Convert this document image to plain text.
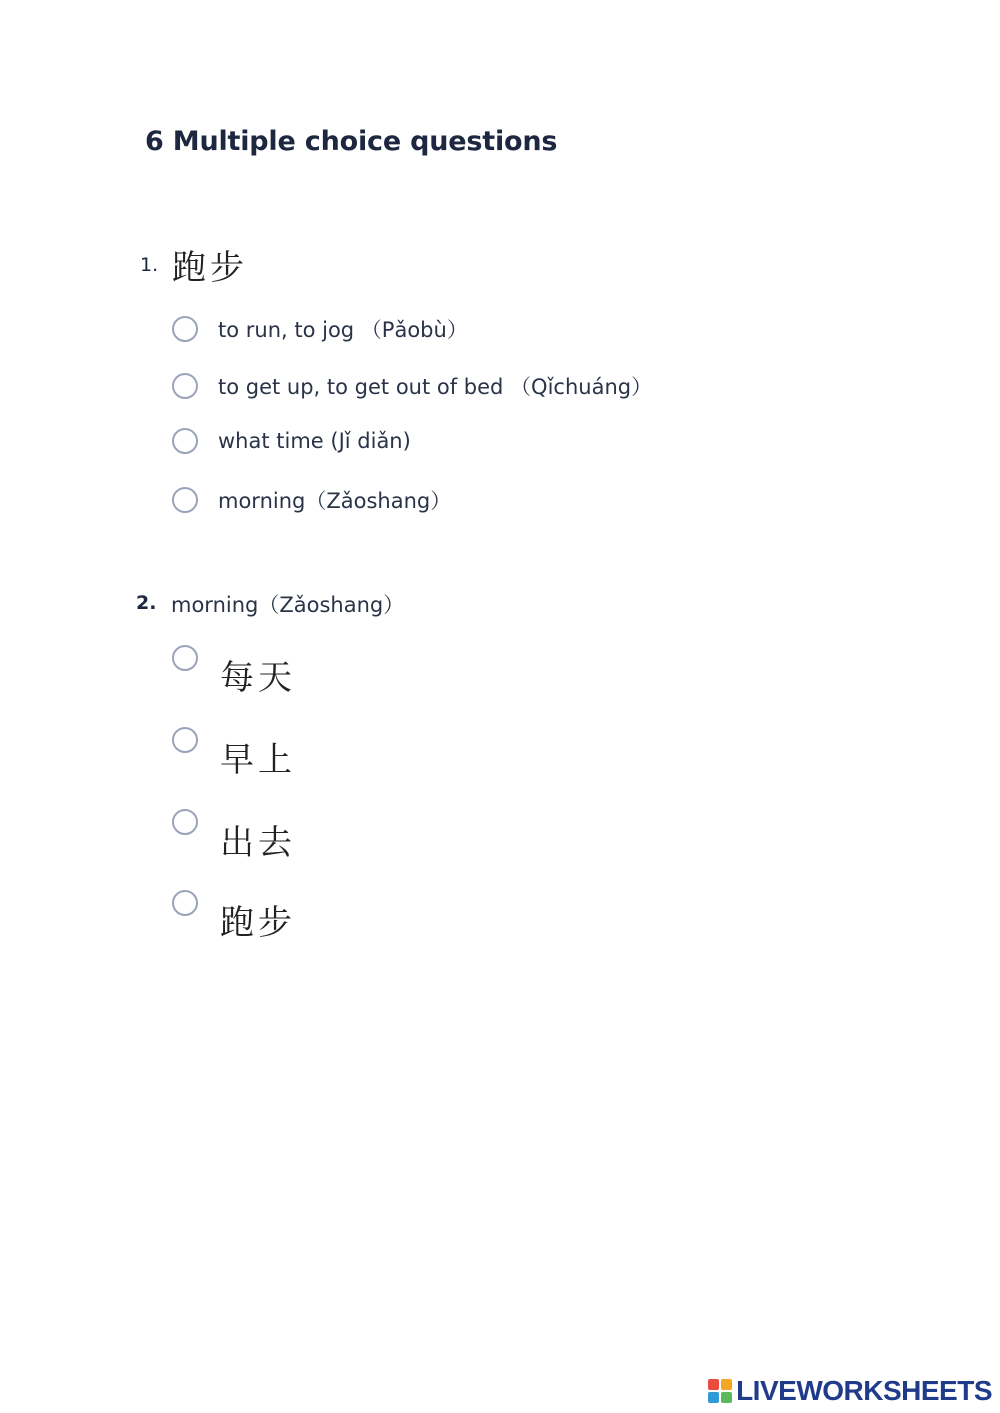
6 Multiple choice questions
1. 跑步
to run, to jog （Pǎobù）
to get up, to get out of bed （Qǐchuáng）
what time (Jǐ diǎn)
morning（Zǎoshang）
2. morning（Zǎoshang）
每天
早上
出去
跑步
LIVEWORKSHEETS
